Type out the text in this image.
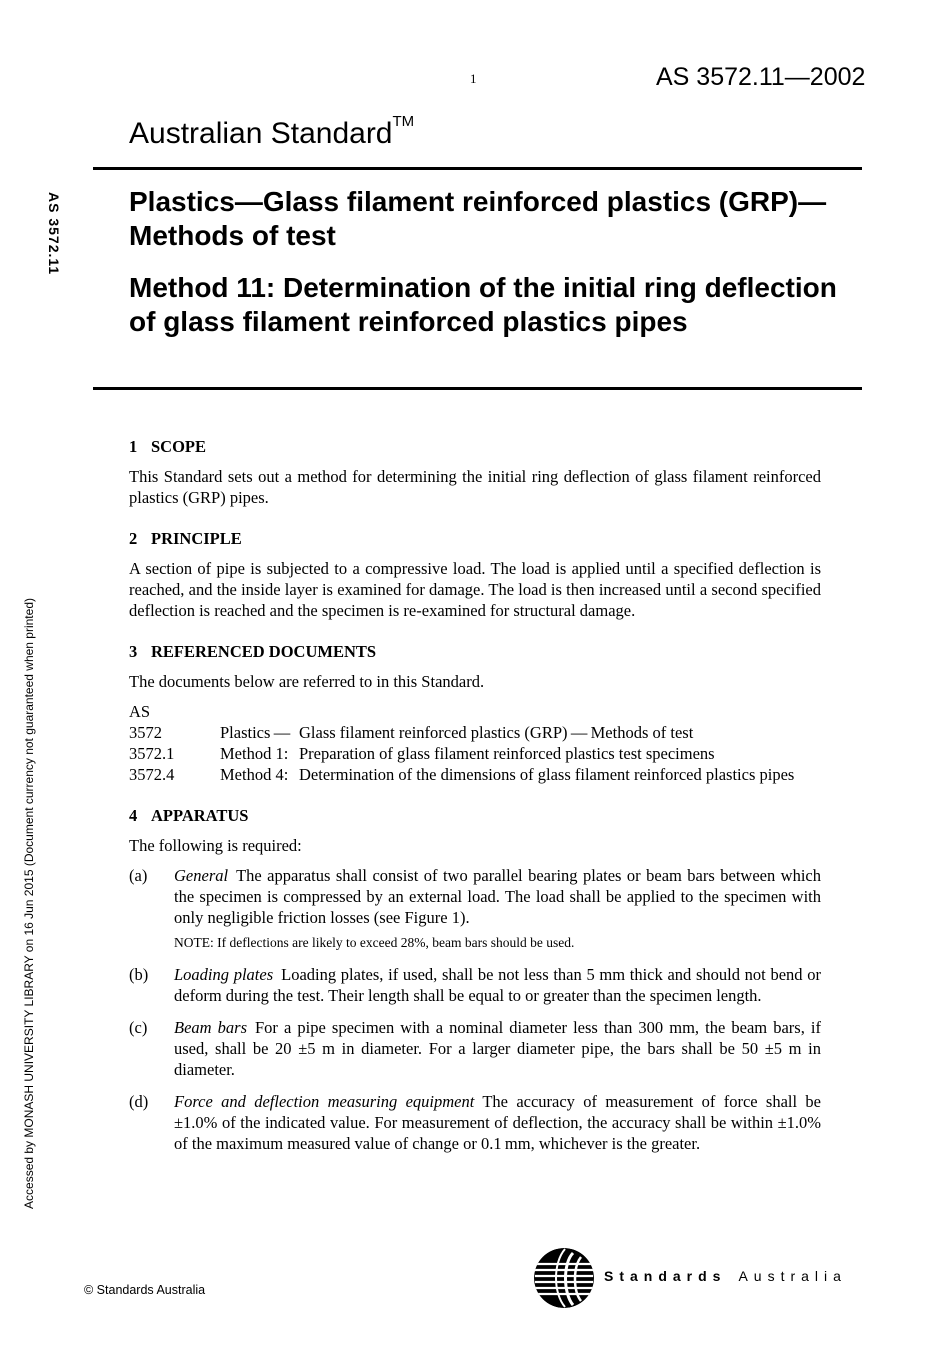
1	AS 3572.11—2002
Australian Standard™
Plastics—Glass filament reinforced plastics (GRP)—Methods of test
Method 11: Determination of the initial ring deflection of glass filament reinforced plastics pipes
AS 3572.11
Accessed by MONASH UNIVERSITY LIBRARY on 16 Jun 2015 (Document currency not guaranteed when printed)
1 SCOPE
This Standard sets out a method for determining the initial ring deflection of glass filament reinforced plastics (GRP) pipes.
2 PRINCIPLE
A section of pipe is subjected to a compressive load. The load is applied until a specified deflection is reached, and the inside layer is examined for damage. The load is then increased until a second specified deflection is reached and the specimen is re-examined for structural damage.
3 REFERENCED DOCUMENTS
The documents below are referred to in this Standard.
AS
3572	Plastics — Glass filament reinforced plastics (GRP) — Methods of test
3572.1	Method 1: Preparation of glass filament reinforced plastics test specimens
3572.4	Method 4: Determination of the dimensions of glass filament reinforced plastics pipes
4 APPARATUS
The following is required:
(a)	General The apparatus shall consist of two parallel bearing plates or beam bars between which the specimen is compressed by an external load. The load shall be applied to the specimen with only negligible friction losses (see Figure 1).
NOTE: If deflections are likely to exceed 28%, beam bars should be used.
(b)	Loading plates Loading plates, if used, shall be not less than 5 mm thick and should not bend or deform during the test. Their length shall be equal to or greater than the specimen length.
(c)	Beam bars For a pipe specimen with a nominal diameter less than 300 mm, the beam bars, if used, shall be 20 ±5 m in diameter. For a larger diameter pipe, the bars shall be 50 ±5 m in diameter.
(d)	Force and deflection measuring equipment The accuracy of measurement of force shall be ±1.0% of the indicated value. For measurement of deflection, the accuracy shall be within ±1.0% of the maximum measured value of change or 0.1 mm, whichever is the greater.
© Standards Australia
Standards Australia
